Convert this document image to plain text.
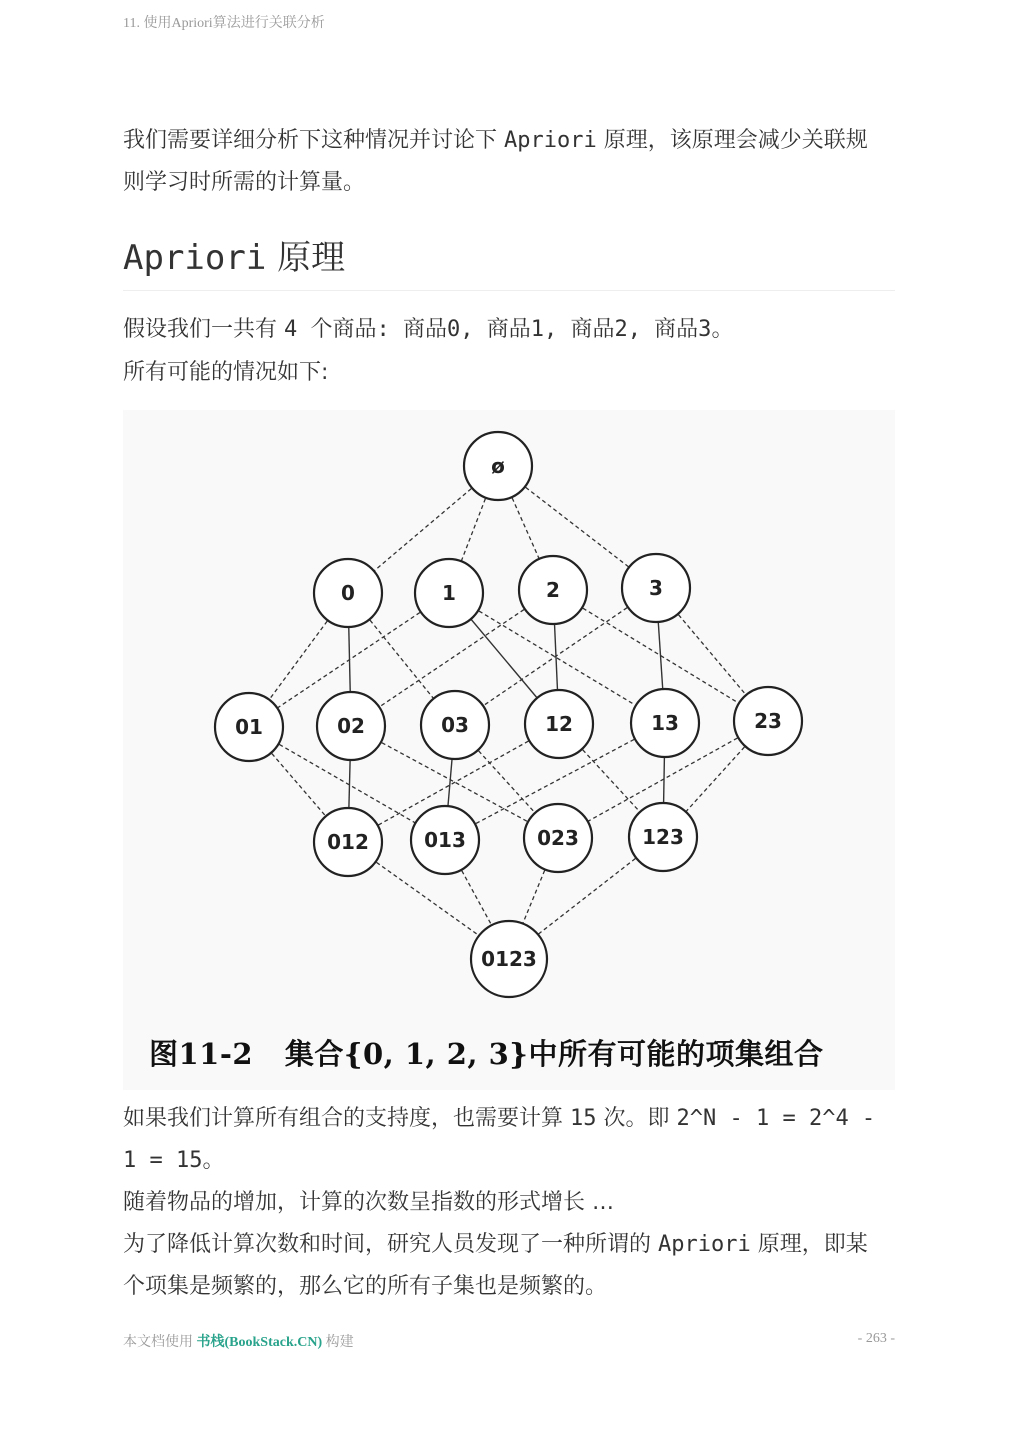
11. 使用Apriori算法进行关联分析

我们需要详细分析下这种情况并讨论下 Apriori 原理，该原理会减少关联规则学习时所需的计算量。

Apriori 原理

假设我们一共有 4 个商品: 商品0, 商品1, 商品2, 商品3。

所有可能的情况如下:

ø
0	1	2	3
01	02	03	12	13	23
012	013	023	123
0123
图11-2   集合{0, 1, 2, 3}中所有可能的项集组合

如果我们计算所有组合的支持度，也需要计算 15 次。即 2^N - 1 = 2^4 - 1 = 15。

随着物品的增加，计算的次数呈指数的形式增长 …

为了降低计算次数和时间，研究人员发现了一种所谓的 Apriori 原理，即某个项集是频繁的，那么它的所有子集也是频繁的。

本文档使用 书栈(BookStack.CN) 构建	- 263 -
